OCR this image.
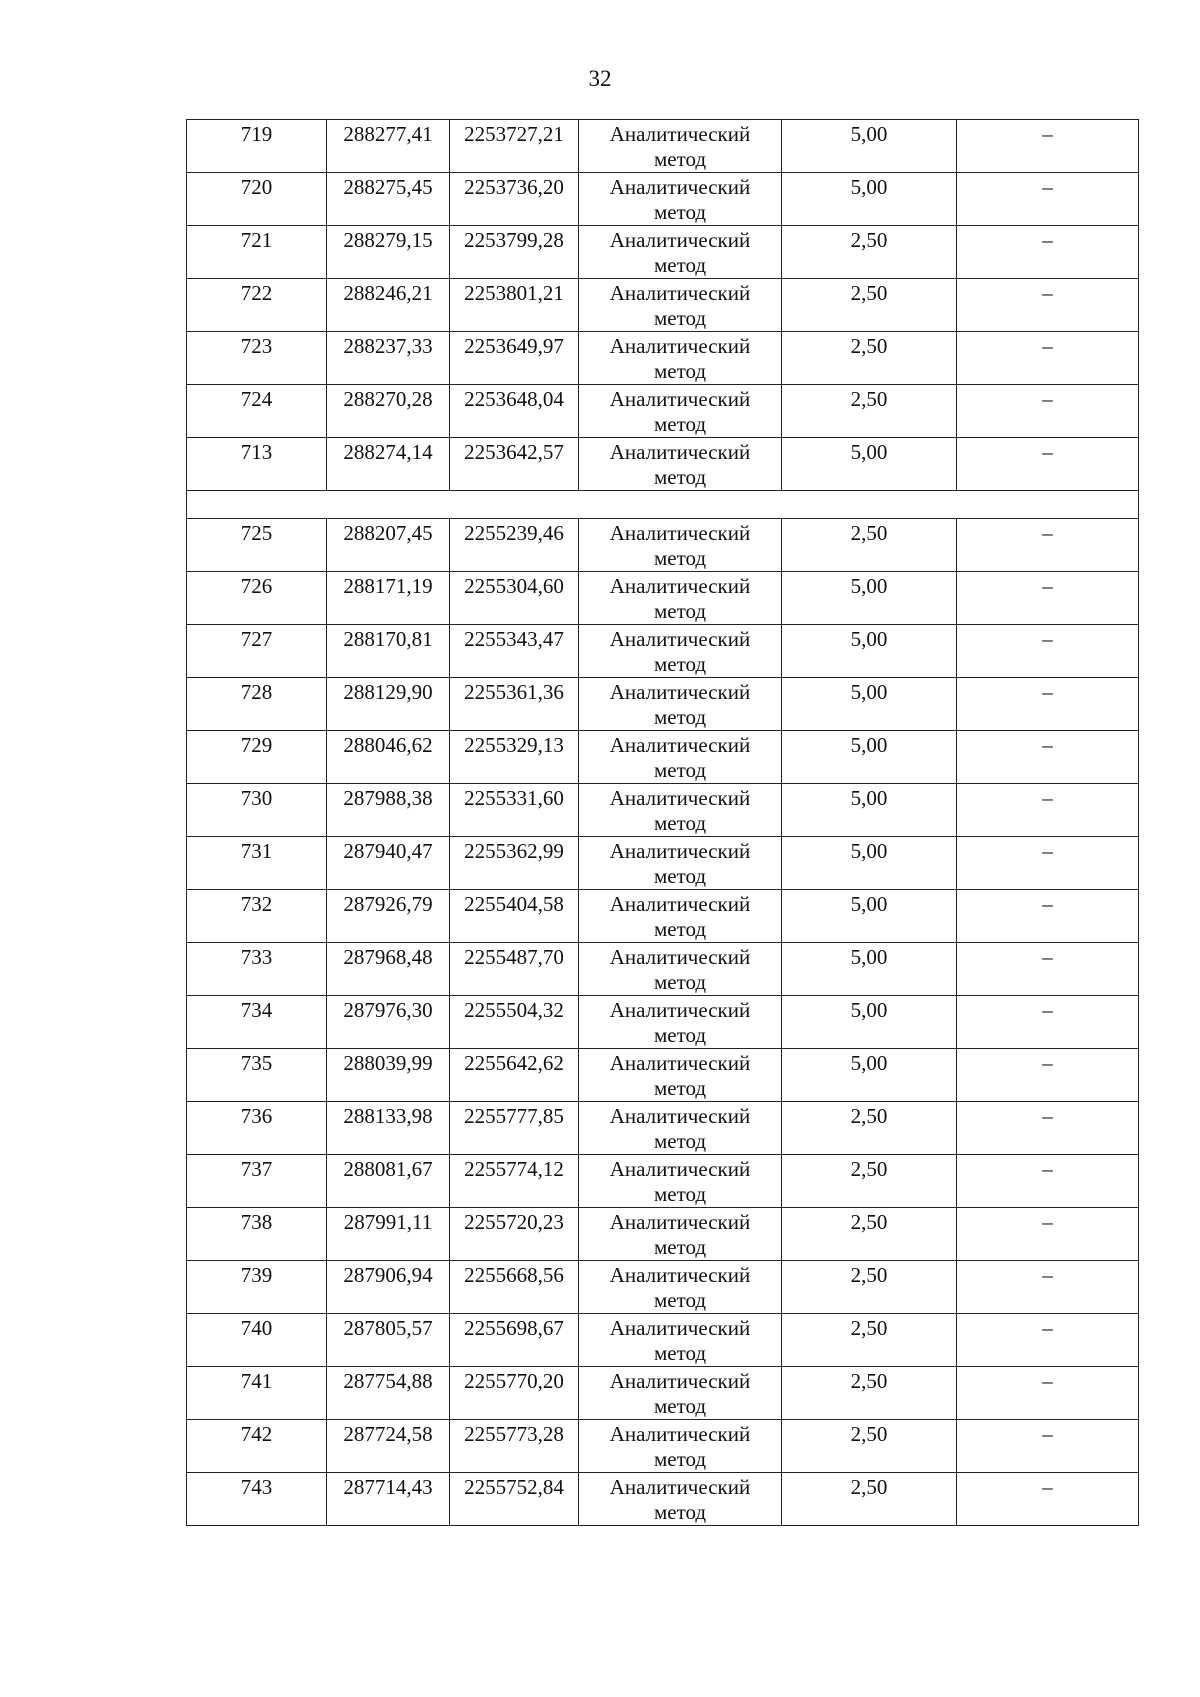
32
719	288277,41	2253727,21	Аналитический
метод	5,00	–
720	288275,45	2253736,20	Аналитический
метод	5,00	–
721	288279,15	2253799,28	Аналитический
метод	2,50	–
722	288246,21	2253801,21	Аналитический
метод	2,50	–
723	288237,33	2253649,97	Аналитический
метод	2,50	–
724	288270,28	2253648,04	Аналитический
метод	2,50	–
713	288274,14	2253642,57	Аналитический
метод	5,00	–

725	288207,45	2255239,46	Аналитический
метод	2,50	–
726	288171,19	2255304,60	Аналитический
метод	5,00	–
727	288170,81	2255343,47	Аналитический
метод	5,00	–
728	288129,90	2255361,36	Аналитический
метод	5,00	–
729	288046,62	2255329,13	Аналитический
метод	5,00	–
730	287988,38	2255331,60	Аналитический
метод	5,00	–
731	287940,47	2255362,99	Аналитический
метод	5,00	–
732	287926,79	2255404,58	Аналитический
метод	5,00	–
733	287968,48	2255487,70	Аналитический
метод	5,00	–
734	287976,30	2255504,32	Аналитический
метод	5,00	–
735	288039,99	2255642,62	Аналитический
метод	5,00	–
736	288133,98	2255777,85	Аналитический
метод	2,50	–
737	288081,67	2255774,12	Аналитический
метод	2,50	–
738	287991,11	2255720,23	Аналитический
метод	2,50	–
739	287906,94	2255668,56	Аналитический
метод	2,50	–
740	287805,57	2255698,67	Аналитический
метод	2,50	–
741	287754,88	2255770,20	Аналитический
метод	2,50	–
742	287724,58	2255773,28	Аналитический
метод	2,50	–
743	287714,43	2255752,84	Аналитический
метод	2,50	–
